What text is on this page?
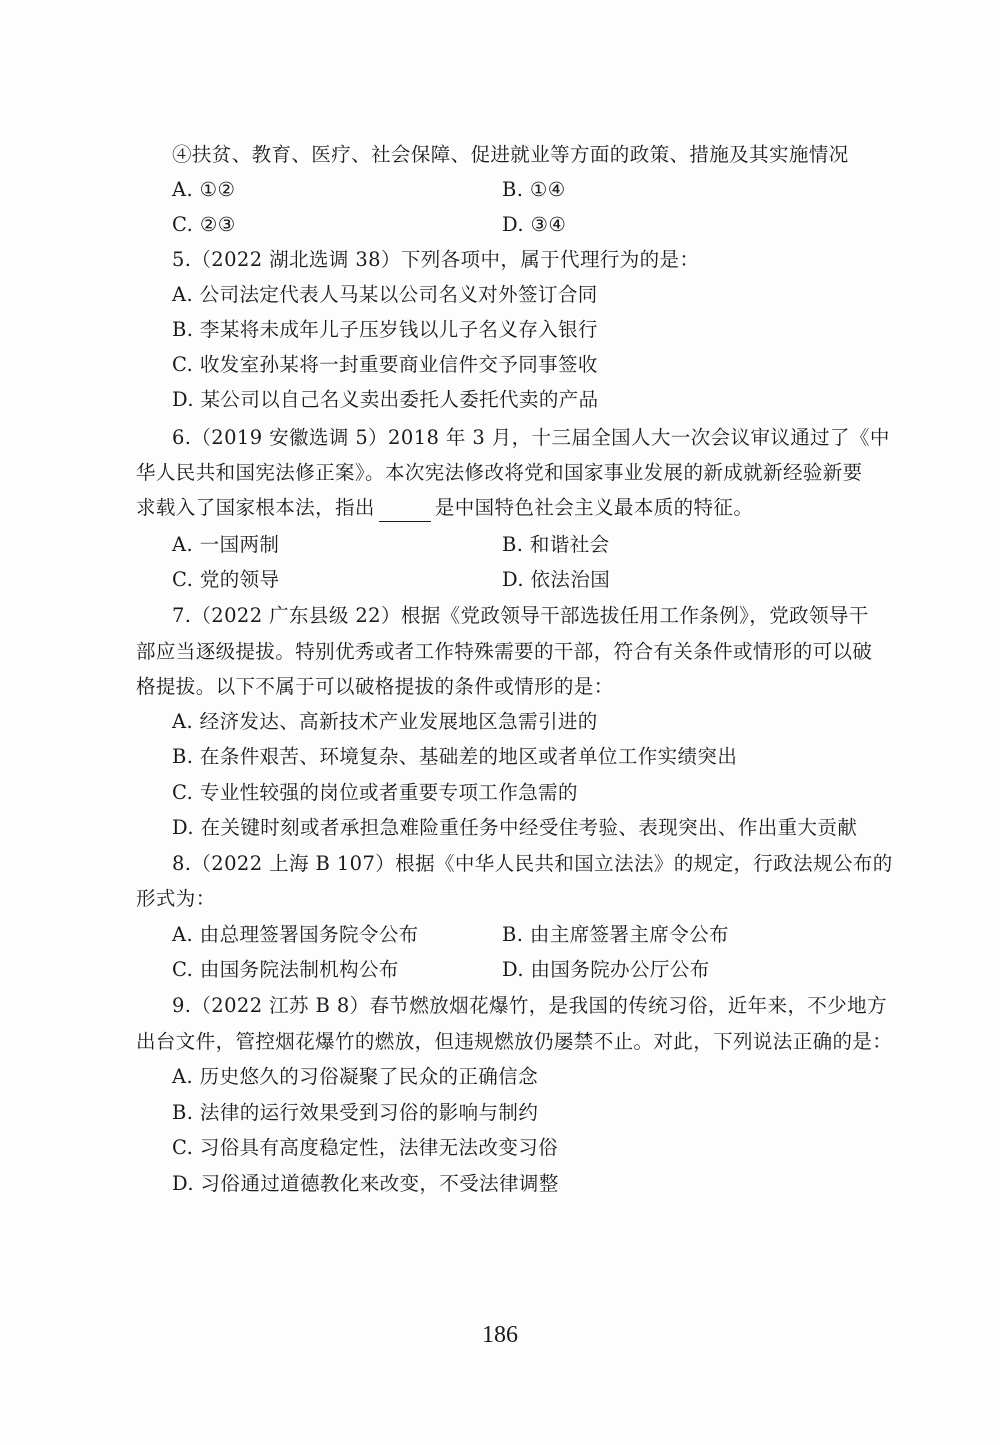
④扶贫、教育、医疗、社会保障、促进就业等方面的政策、措施及其实施情况
A. ①②	B. ①④
C. ②③	D. ③④
5.（2022 湖北选调 38）下列各项中，属于代理行为的是：
A. 公司法定代表人马某以公司名义对外签订合同
B. 李某将未成年儿子压岁钱以儿子名义存入银行
C. 收发室孙某将一封重要商业信件交予同事签收
D. 某公司以自己名义卖出委托人委托代卖的产品
6.（2019 安徽选调 5）2018 年 3 月，十三届全国人大一次会议审议通过了《中
华人民共和国宪法修正案》。本次宪法修改将党和国家事业发展的新成就新经验新要
求载入了国家根本法，指出	是中国特色社会主义最本质的特征。
A. 一国两制	B. 和谐社会
C. 党的领导	D. 依法治国
7.（2022 广东县级 22）根据《党政领导干部选拔任用工作条例》，党政领导干
部应当逐级提拔。特别优秀或者工作特殊需要的干部，符合有关条件或情形的可以破
格提拔。以下不属于可以破格提拔的条件或情形的是：
A. 经济发达、高新技术产业发展地区急需引进的
B. 在条件艰苦、环境复杂、基础差的地区或者单位工作实绩突出
C. 专业性较强的岗位或者重要专项工作急需的
D. 在关键时刻或者承担急难险重任务中经受住考验、表现突出、作出重大贡献
8.（2022 上海 B 107）根据《中华人民共和国立法法》的规定，行政法规公布的
形式为：
A. 由总理签署国务院令公布	B. 由主席签署主席令公布
C. 由国务院法制机构公布	D. 由国务院办公厅公布
9.（2022 江苏 B 8）春节燃放烟花爆竹，是我国的传统习俗，近年来，不少地方
出台文件，管控烟花爆竹的燃放，但违规燃放仍屡禁不止。对此，下列说法正确的是：
A. 历史悠久的习俗凝聚了民众的正确信念
B. 法律的运行效果受到习俗的影响与制约
C. 习俗具有高度稳定性，法律无法改变习俗
D. 习俗通过道德教化来改变，不受法律调整
186
